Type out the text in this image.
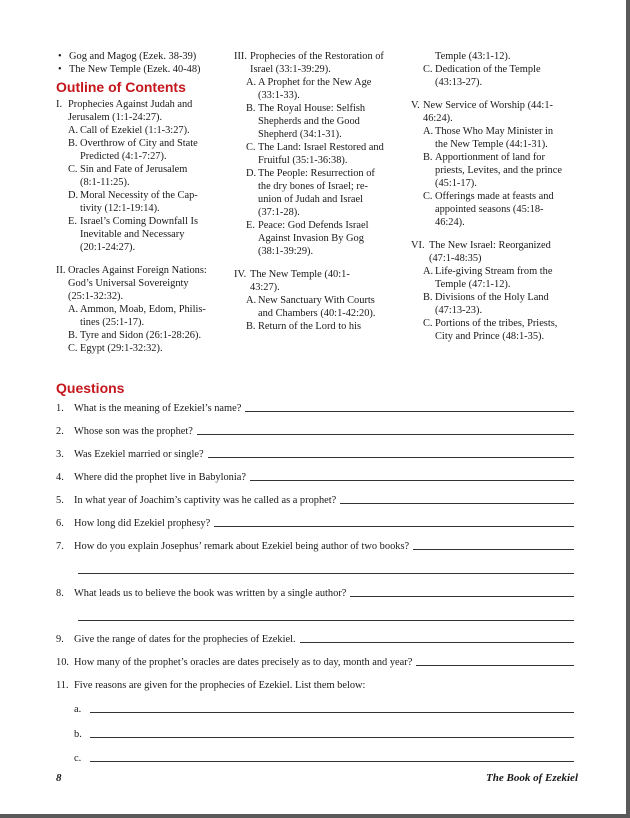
• Gog and Magog (Ezek. 38-39)
• The New Temple (Ezek. 40-48)
Outline of Contents
I. Prophecies Against Judah and
Jerusalem (1:1-24:27).
A. Call of Ezekiel (1:1-3:27).
B. Overthrow of City and State
Predicted (4:1-7:27).
C. Sin and Fate of Jerusalem
(8:1-11:25).
D. Moral Necessity of the Cap-
tivity (12:1-19:14).
E. Israel’s Coming Downfall Is
Inevitable and Necessary
(20:1-24:27).
II. Oracles Against Foreign Nations:
God’s Universal Sovereignty
(25:1-32:32).
A. Ammon, Moab, Edom, Philis-
tines (25:1-17).
B. Tyre and Sidon (26:1-28:26).
C. Egypt (29:1-32:32).
III. Prophecies of the Restoration of
Israel (33:1-39:29).
A. A Prophet for the New Age
(33:1-33).
B. The Royal House: Selfish
Shepherds and the Good
Shepherd (34:1-31).
C. The Land: Israel Restored and
Fruitful (35:1-36:38).
D. The People: Resurrection of
the dry bones of Israel; re-
union of Judah and Israel
(37:1-28).
E. Peace: God Defends Israel
Against Invasion By Gog
(38:1-39:29).
IV. The New Temple (40:1-
43:27).
A. New Sanctuary With Courts
and Chambers (40:1-42:20).
B. Return of the Lord to his
Temple (43:1-12).
C. Dedication of the Temple
(43:13-27).
V. New Service of Worship (44:1-
46:24).
A. Those Who May Minister in
the New Temple (44:1-31).
B. Apportionment of land for
priests, Levites, and the prince
(45:1-17).
C. Offerings made at feasts and
appointed seasons (45:18-
46:24).
VI. The New Israel: Reorganized
(47:1-48:35)
A. Life-giving Stream from the
Temple (47:1-12).
B. Divisions of the Holy Land
(47:13-23).
C. Portions of the tribes, Priests,
City and Prince (48:1-35).
Questions
1. What is the meaning of Ezekiel’s name?
2. Whose son was the prophet?
3. Was Ezekiel married or single?
4. Where did the prophet live in Babylonia?
5. In what year of Joachim’s captivity was he called as a prophet?
6. How long did Ezekiel prophesy?
7. How do you explain Josephus’ remark about Ezekiel being author of two books?
8. What leads us to believe the book was written by a single author?
9. Give the range of dates for the prophecies of Ezekiel.
10. How many of the prophet’s oracles are dates precisely as to day, month and year?
11. Five reasons are given for the prophecies of Ezekiel. List them below:
a.
b.
c.
8	The Book of Ezekiel
